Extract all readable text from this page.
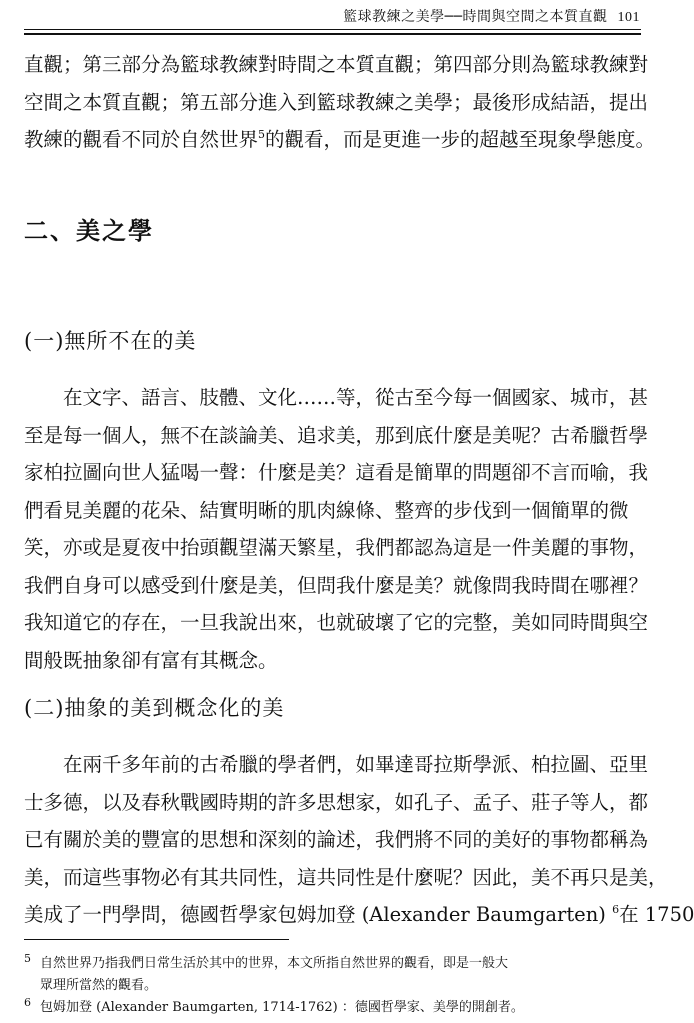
籃球教練之美學──時間與空間之本質直觀 101
直觀；第三部分為籃球教練對時間之本質直觀；第四部分則為籃球教練對
空間之本質直觀；第五部分進入到籃球教練之美學；最後形成結語，提出
教練的觀看不同於自然世界$^5$的觀看，而是更進一步的超越至現象學態度。
二、美之學
(一)無所不在的美
在文字、語言、肢體、文化……等，從古至今每一個國家、城市，甚
至是每一個人，無不在談論美、追求美，那到底什麼是美呢？古希臘哲學
家柏拉圖向世人猛喝一聲：什麼是美？這看是簡單的問題卻不言而喻，我
們看見美麗的花朵、結實明晰的肌肉線條、整齊的步伐到一個簡單的微
笑，亦或是夏夜中抬頭觀望滿天繁星，我們都認為這是一件美麗的事物，
我們自身可以感受到什麼是美，但問我什麼是美？就像問我時間在哪裡？
我知道它的存在，一旦我說出來，也就破壞了它的完整，美如同時間與空
間般既抽象卻有富有其概念。
(二)抽象的美到概念化的美
在兩千多年前的古希臘的學者們，如畢達哥拉斯學派、柏拉圖、亞里
士多德，以及春秋戰國時期的許多思想家，如孔子、孟子、莊子等人，都
已有關於美的豐富的思想和深刻的論述，我們將不同的美好的事物都稱為
美，而這些事物必有其共同性，這共同性是什麼呢？因此，美不再只是美，
美成了一門學問，德國哲學家包姆加登 (Alexander Baumgarten) $^6$在 1750
5 自然世界乃指我們日常生活於其中的世界，本文所指自然世界的觀看，即是一般大
眾理所當然的觀看。
6 包姆加登 (Alexander Baumgarten, 1714-1762) ：德國哲學家、美學的開創者。
